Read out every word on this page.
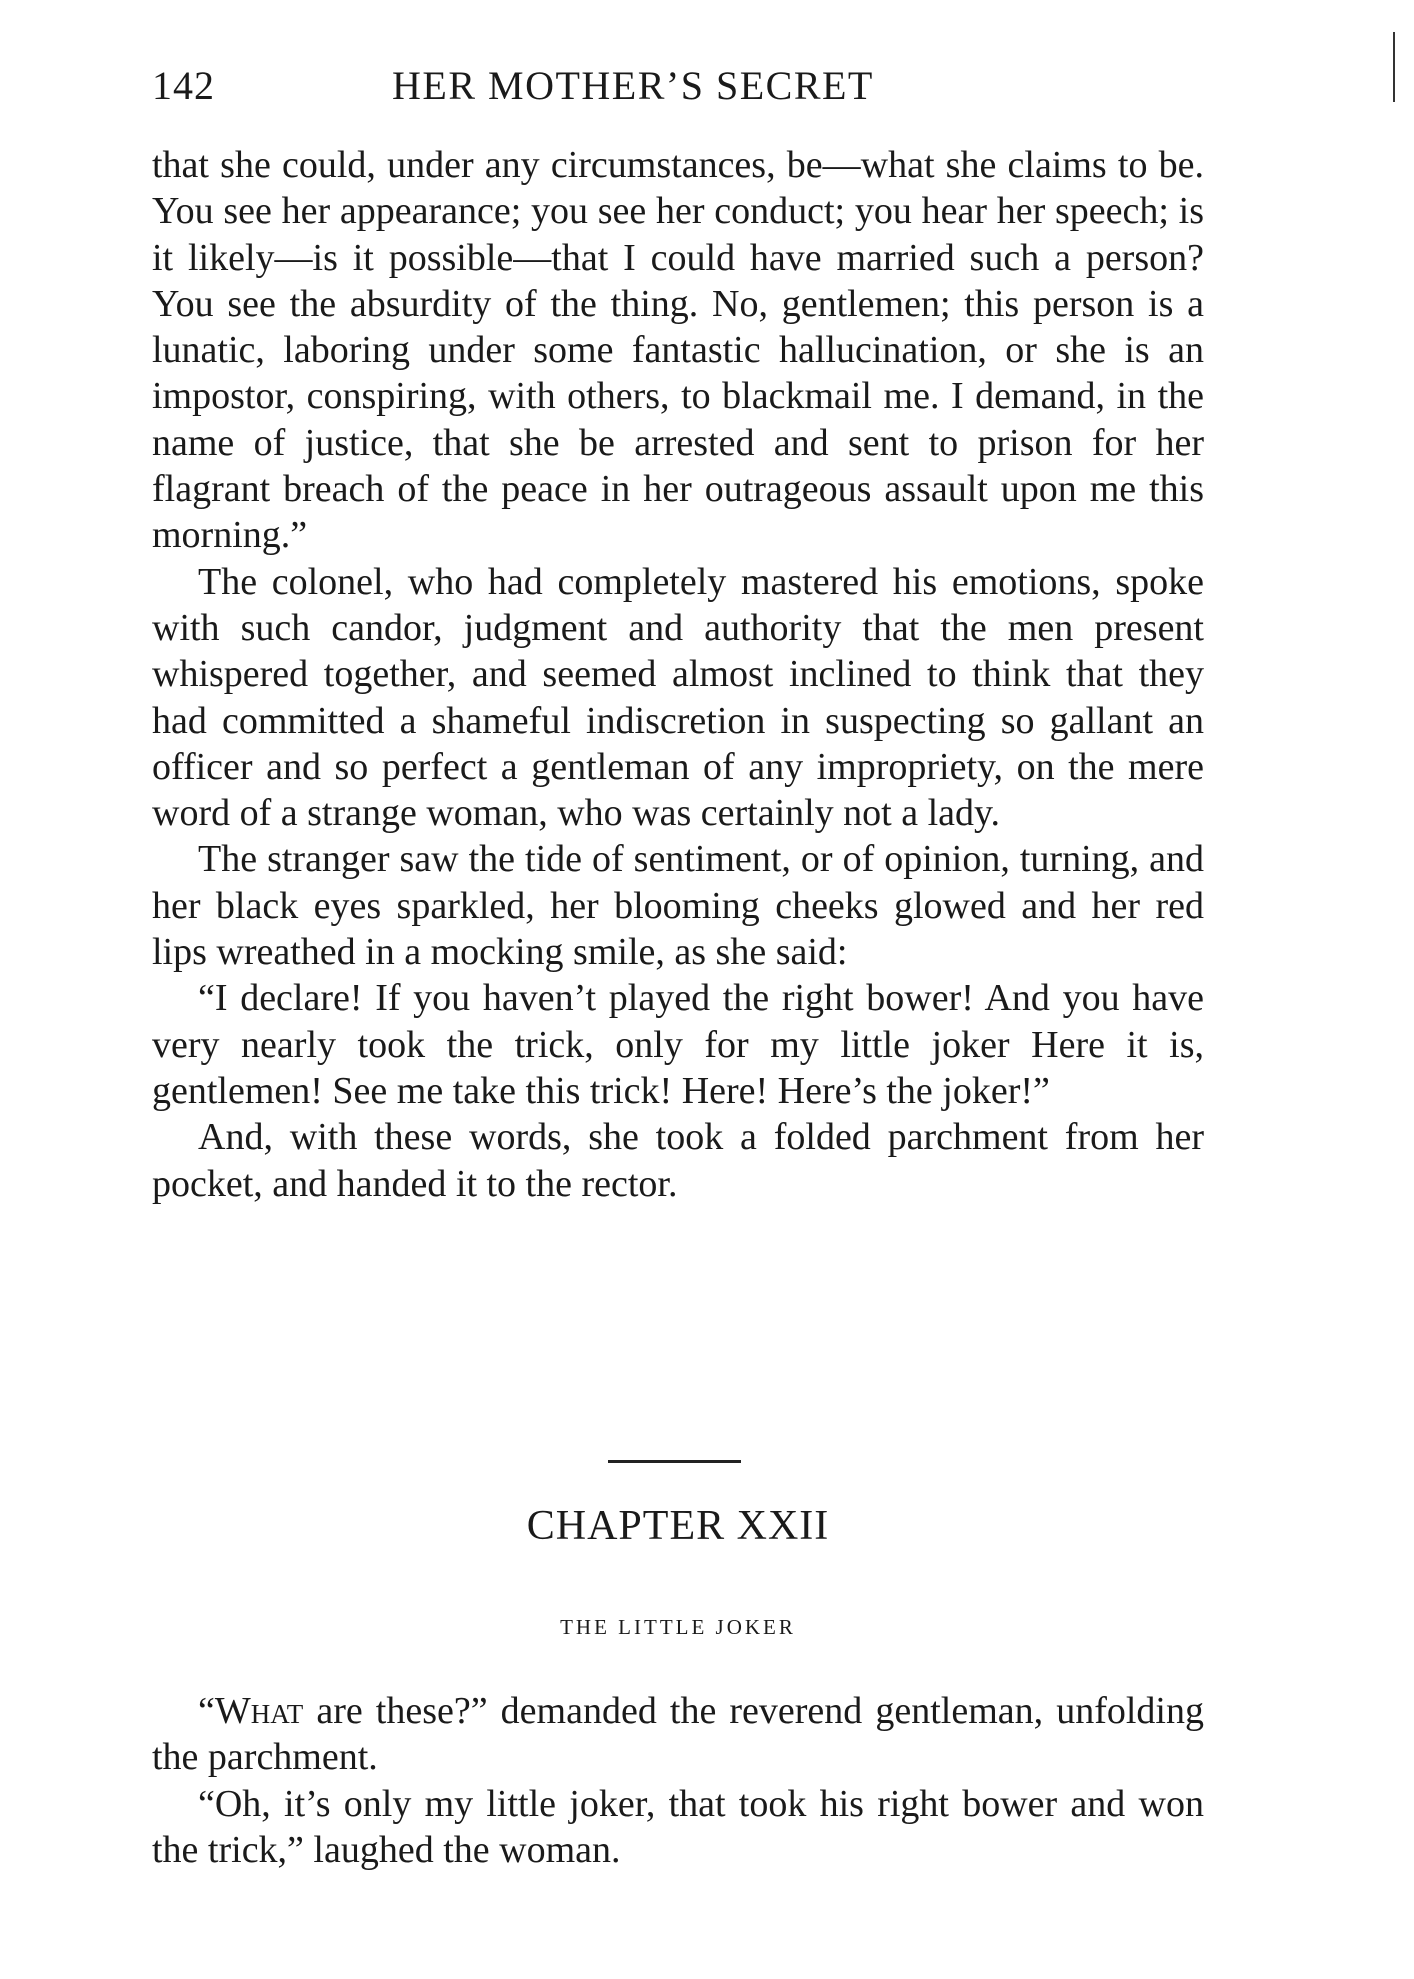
142	HER MOTHER’S SECRET

that she could, under any circumstances, be—what she claims to be. You see her appearance; you see her conduct; you hear her speech; is it likely—is it possible—that I could have married such a person? You see the absurdity of the thing. No, gentlemen; this person is a lunatic, laboring under some fantastic hallucination, or she is an impostor, conspiring, with others, to blackmail me. I demand, in the name of justice, that she be arrested and sent to prison for her flagrant breach of the peace in her outrageous assault upon me this morning.”

The colonel, who had completely mastered his emotions, spoke with such candor, judgment and authority that the men present whispered together, and seemed almost inclined to think that they had committed a shameful indiscretion in suspecting so gallant an officer and so perfect a gentleman of any impropriety, on the mere word of a strange woman, who was certainly not a lady.

The stranger saw the tide of sentiment, or of opinion, turning, and her black eyes sparkled, her blooming cheeks glowed and her red lips wreathed in a mocking smile, as she said:

“I declare! If you haven’t played the right bower! And you have very nearly took the trick, only for my little joker Here it is, gentlemen! See me take this trick! Here! Here’s the joker!”

And, with these words, she took a folded parchment from her pocket, and handed it to the rector.

CHAPTER XXII
THE LITTLE JOKER

“What are these?” demanded the reverend gentleman, unfolding the parchment.

“Oh, it’s only my little joker, that took his right bower and won the trick,” laughed the woman.
